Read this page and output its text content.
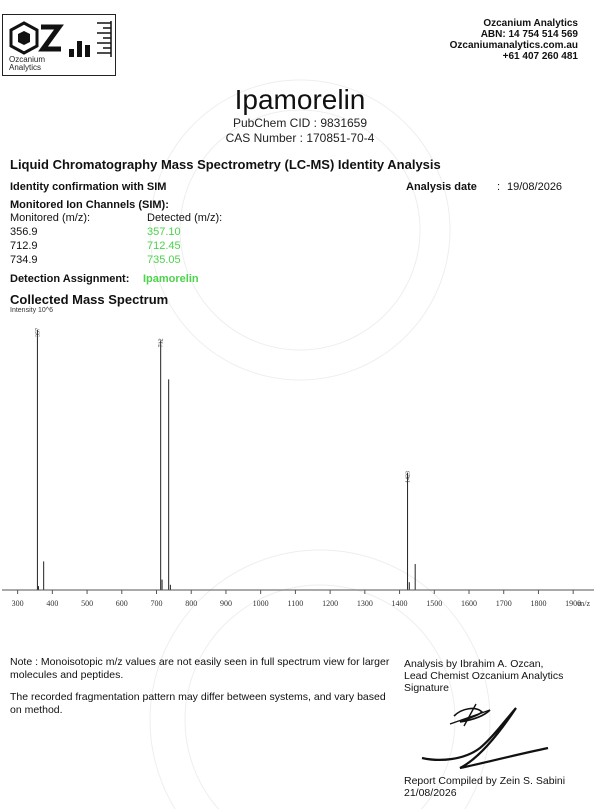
Ozcanium Analytics
Ozcanium Analytics
ABN: 14 754 514 569
Ozcaniumanalytics.com.au
+61 407 260 481
Ipamorelin
PubChem CID : 9831659
CAS Number : 170851-70-4
Liquid Chromatography Mass Spectrometry (LC-MS) Identity Analysis
Identity confirmation with SIM	Analysis date : 19/08/2026
Monitored Ion Channels (SIM):
Monitored (m/z):	Detected (m/z):
356.9	357.10
712.9	712.45
734.9	735.05
Detection Assignment: Ipamorelin
Collected Mass Spectrum
Intensity 10^6
300	400	500	600	700	800	900	1000 1100 1200 1300 1400 1500 1600 1700 1800 1900
357
712
1423
m/z
Note : Monoisotopic m/z values are not easily seen in full spectrum view for larger molecules and peptides.
The recorded fragmentation pattern may differ between systems, and vary based on method.
Analysis by Ibrahim A. Ozcan,
Lead Chemist Ozcanium Analytics
Signature
Report Compiled by Zein S. Sabini
21/08/2026
